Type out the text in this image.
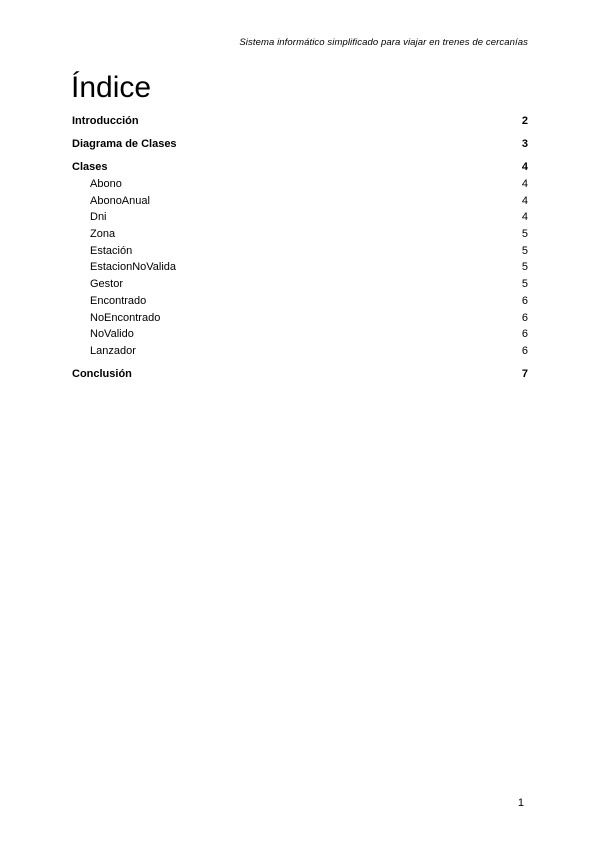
Sistema informático simplificado para viajar en trenes de cercanías
Índice
Introducción	2
Diagrama de Clases	3
Clases	4
Abono	4
AbonoAnual	4
Dni	4
Zona	5
Estación	5
EstacionNoValida	5
Gestor	5
Encontrado	6
NoEncontrado	6
NoValido	6
Lanzador	6
Conclusión	7
1
